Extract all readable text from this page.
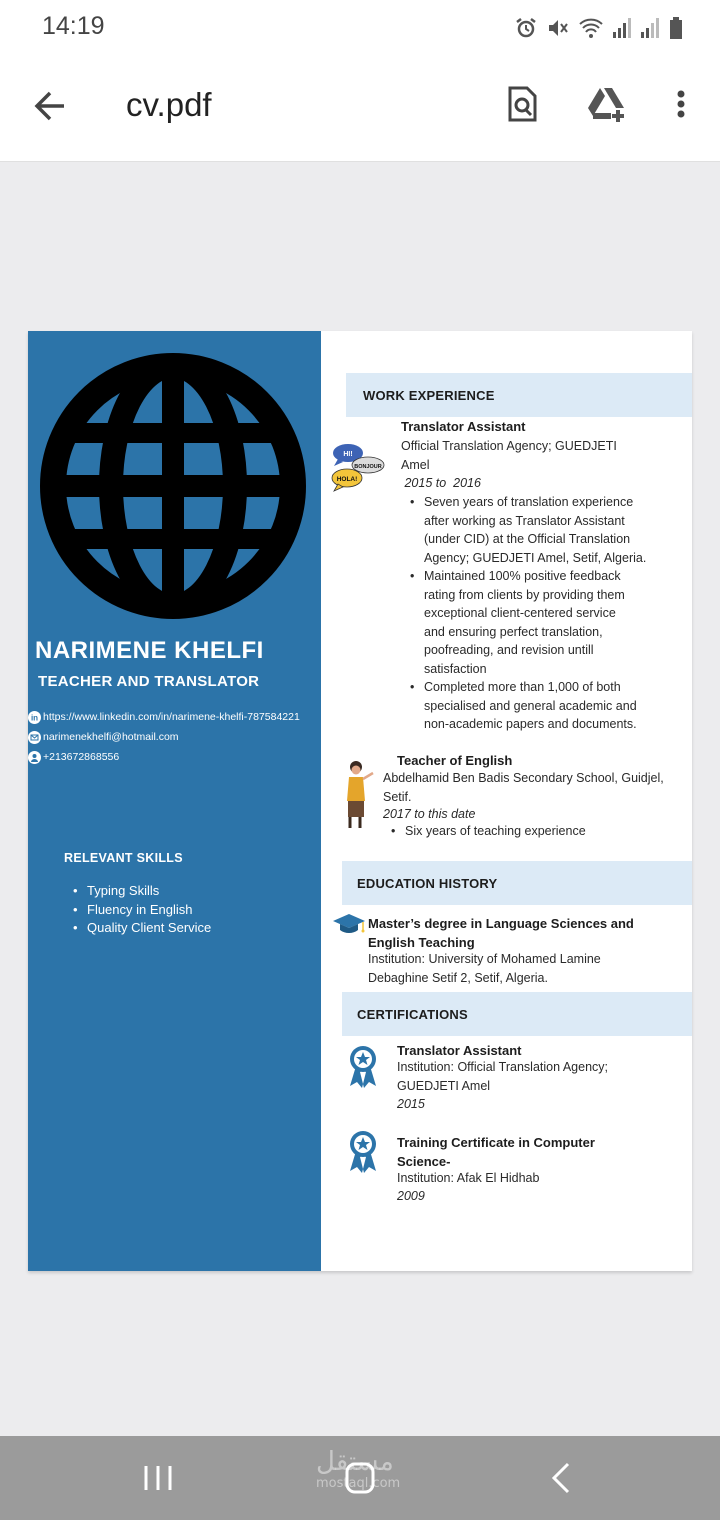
14:19
cv.pdf
NARIMENE KHELFI
TEACHER AND TRANSLATOR
in https://www.linkedin.com/in/narimene-khelfi-787584221
narimenekhelfi@hotmail.com
+213672868556
RELEVANT SKILLS
• Typing Skills
• Fluency in English
• Quality Client Service
WORK EXPERIENCE
HI!
BONJOUR
HOLA!
Translator Assistant
Official Translation Agency; GUEDJETI
Amel
2015 to  2016
• Seven years of translation experience
after working as Translator Assistant
(under CID) at the Official Translation
Agency; GUEDJETI Amel, Setif, Algeria.
• Maintained 100% positive feedback
rating from clients by providing them
exceptional client-centered service
and ensuring perfect translation,
poofreading, and revision untill
satisfaction
• Completed more than 1,000 of both
specialised and general academic and
non-academic papers and documents.
Teacher of English
Abdelhamid Ben Badis Secondary School, Guidjel,
Setif.
2017 to this date
• Six years of teaching experience
EDUCATION HISTORY
Master’s degree in Language Sciences and
English Teaching
Institution: University of Mohamed Lamine
Debaghine Setif 2, Setif, Algeria.
CERTIFICATIONS
Translator Assistant
Institution: Official Translation Agency;
GUEDJETI Amel
2015
Training Certificate in Computer
Science-
Institution: Afak El Hidhab
2009
مستقل
mostaql.com
